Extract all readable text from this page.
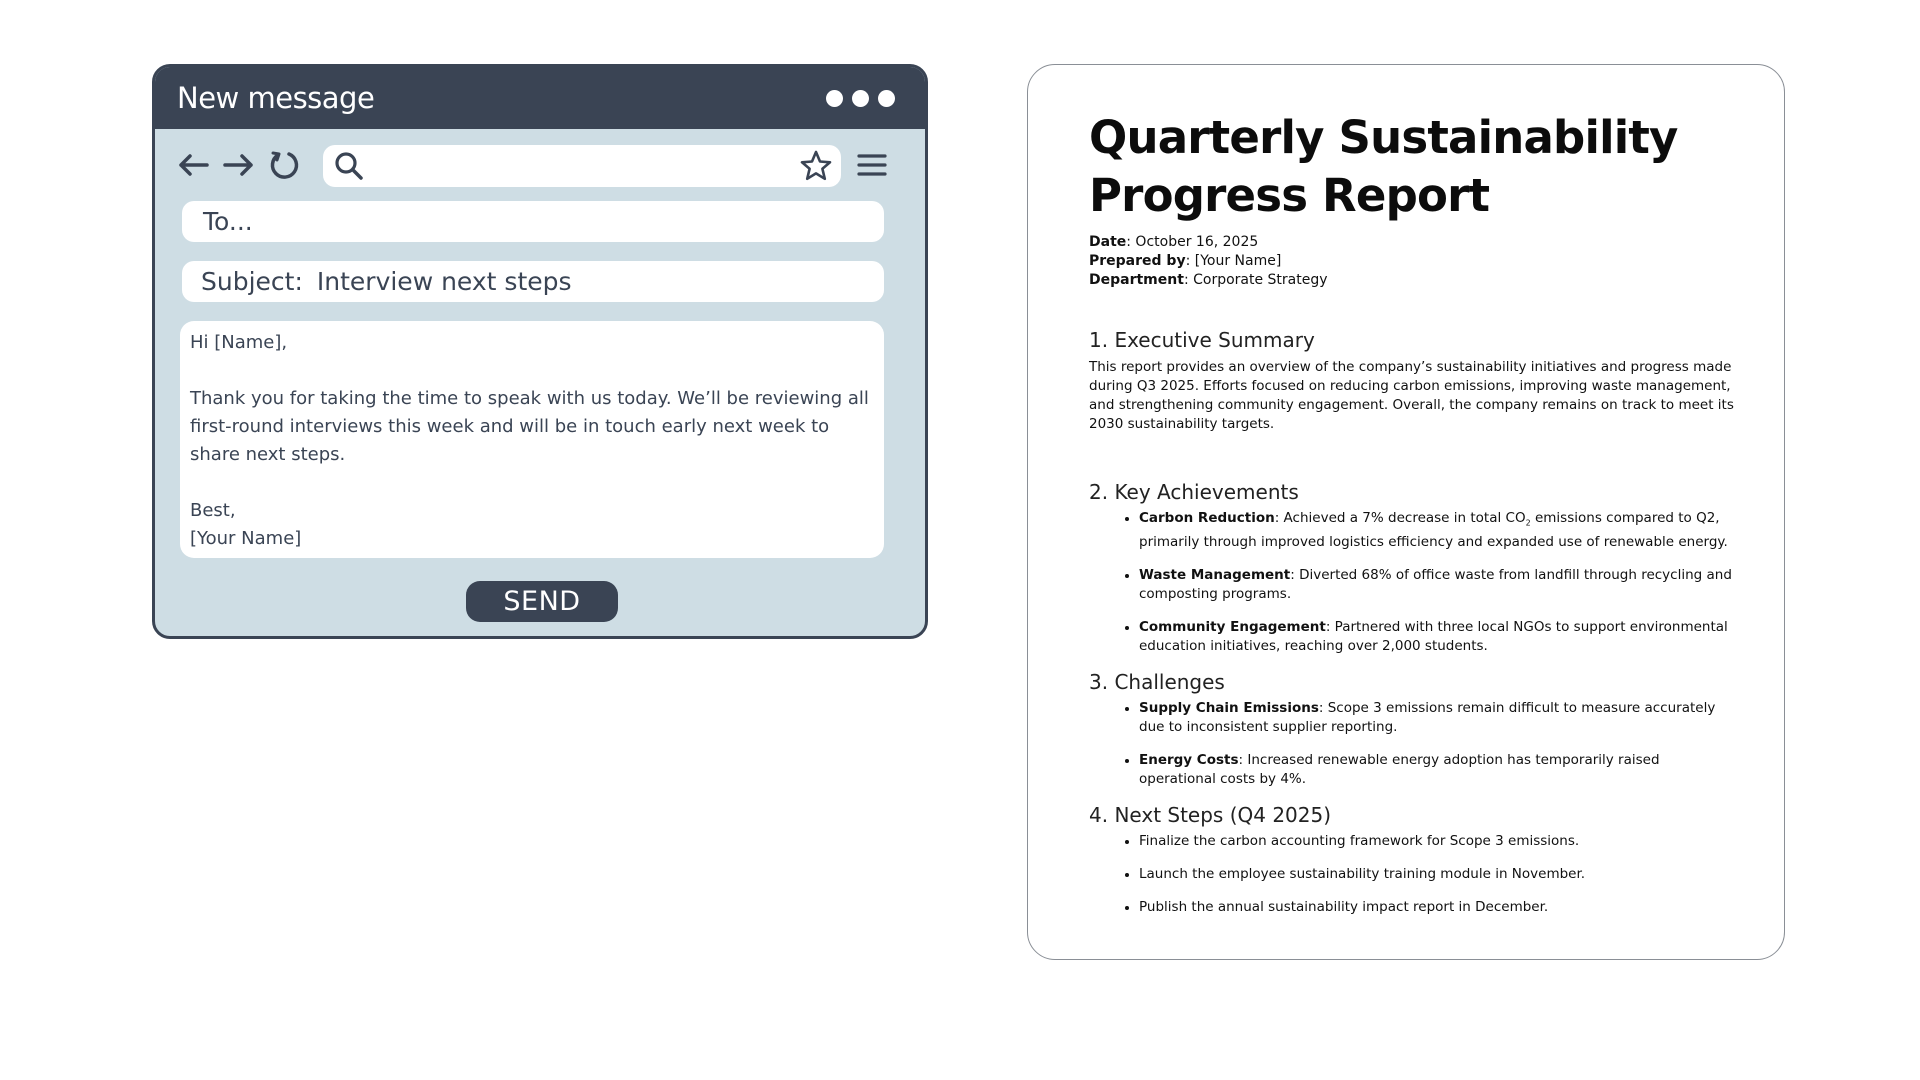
New message
To...
Subject: Interview next steps

Hi [Name],

Thank you for taking the time to speak with us today. We’ll be reviewing all first-round interviews this week and will be in touch early next week to share next steps.

Best,

[Your Name]

SEND
Quarterly Sustainability Progress Report
Date: October 16, 2025
Prepared by: [Your Name]
Department: Corporate Strategy
1. Executive Summary

This report provides an overview of the company’s sustainability initiatives and progress made during Q3 2025. Efforts focused on reducing carbon emissions, improving waste management, and strengthening community engagement. Overall, the company remains on track to meet its 2030 sustainability targets.

2. Key Achievements
• Carbon Reduction: Achieved a 7% decrease in total $CO_2$ emissions compared to Q2, primarily through improved logistics efficiency and expanded use of renewable energy.
• Waste Management: Diverted 68% of office waste from landfill through recycling and composting programs.
• Community Engagement: Partnered with three local NGOs to support environmental education initiatives, reaching over 2,000 students.
3. Challenges
• Supply Chain Emissions: Scope 3 emissions remain difficult to measure accurately due to inconsistent supplier reporting.
• Energy Costs: Increased renewable energy adoption has temporarily raised operational costs by 4%.
4. Next Steps (Q4 2025)
• Finalize the carbon accounting framework for Scope 3 emissions.
• Launch the employee sustainability training module in November.
• Publish the annual sustainability impact report in December.
